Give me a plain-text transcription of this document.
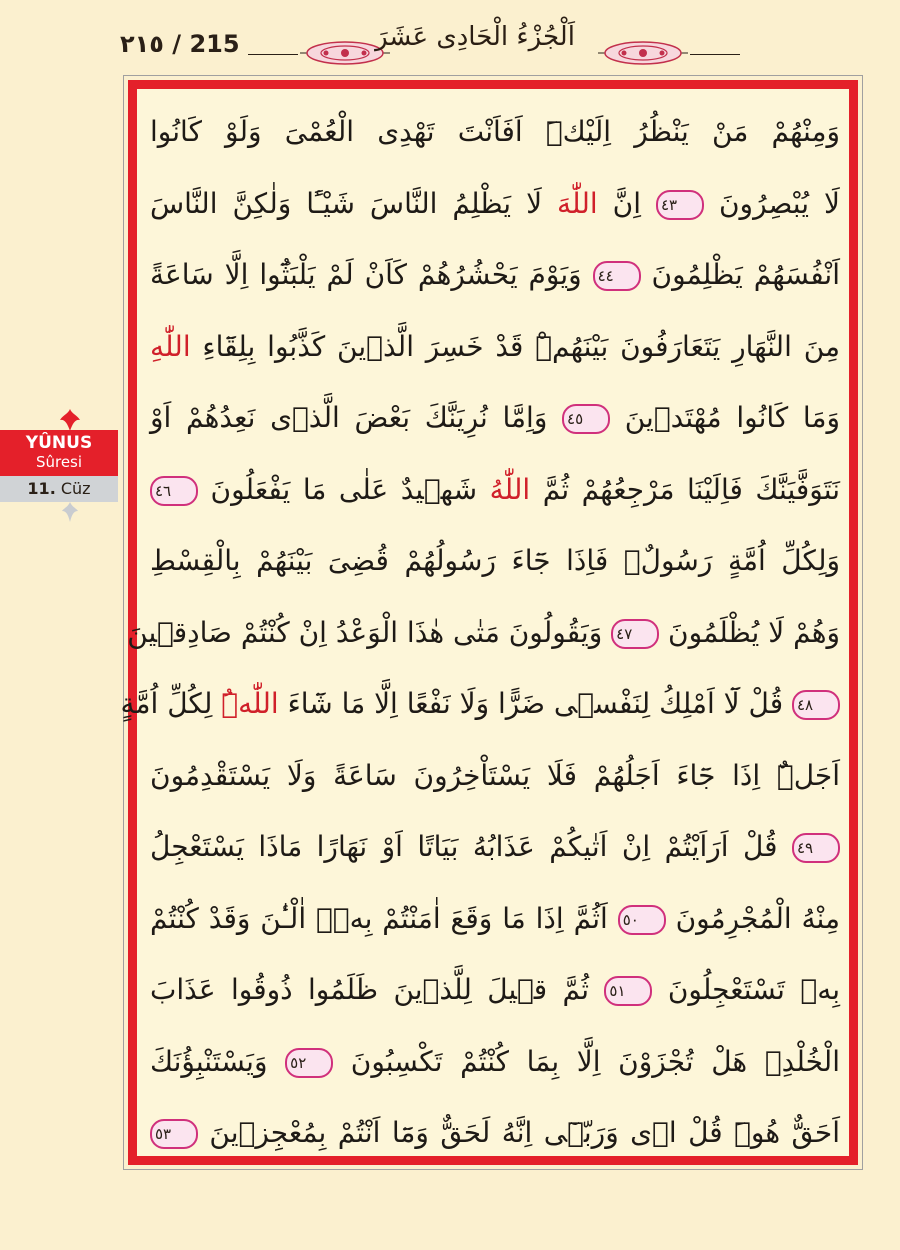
٢١٥ / 215	اَلْجُزْءُ الْحَادِى عَشَرَ
YÛNUS
Sûresi
11. Cüz
وَمِنْهُمْ مَنْ يَنْظُرُ اِلَيْكَۜ اَفَاَنْتَ تَهْدِى الْعُمْىَ وَلَوْ كَانُوا
لَا يُبْصِرُونَ ٤٣ اِنَّ اللّٰهَ لَا يَظْلِمُ النَّاسَ شَيْـًٔا وَلٰكِنَّ النَّاسَ
اَنْفُسَهُمْ يَظْلِمُونَ ٤٤ وَيَوْمَ يَحْشُرُهُمْ كَاَنْ لَمْ يَلْبَثُٓوا اِلَّا سَاعَةً
مِنَ النَّهَارِ يَتَعَارَفُونَ بَيْنَهُمْۜ قَدْ خَسِرَ الَّذٖينَ كَذَّبُوا بِلِقَٓاءِ اللّٰهِ
وَمَا كَانُوا مُهْتَدٖينَ ٤٥ وَاِمَّا نُرِيَنَّكَ بَعْضَ الَّذٖى نَعِدُهُمْ اَوْ
نَتَوَفَّيَنَّكَ فَاِلَيْنَا مَرْجِعُهُمْ ثُمَّ اللّٰهُ شَهٖيدٌ عَلٰى مَا يَفْعَلُونَ ٤٦
وَلِكُلِّ اُمَّةٍ رَسُولٌۚ فَاِذَا جَٓاءَ رَسُولُهُمْ قُضِىَ بَيْنَهُمْ بِالْقِسْطِ
وَهُمْ لَا يُظْلَمُونَ ٤٧ وَيَقُولُونَ مَتٰى هٰذَا الْوَعْدُ اِنْ كُنْتُمْ صَادِقٖينَ
٤٨ قُلْ لَٓا اَمْلِكُ لِنَفْسٖى ضَرًّا وَلَا نَفْعًا اِلَّا مَا شَٓاءَ اللّٰهُۜ لِكُلِّ اُمَّةٍ
اَجَلٌۜ اِذَا جَٓاءَ اَجَلُهُمْ فَلَا يَسْتَاْخِرُونَ سَاعَةً وَلَا يَسْتَقْدِمُونَ
٤٩ قُلْ اَرَاَيْتُمْ اِنْ اَتٰيكُمْ عَذَابُهُ بَيَاتًا اَوْ نَهَارًا مَاذَا يَسْتَعْجِلُ
مِنْهُ الْمُجْرِمُونَ ٥٠ اَثُمَّ اِذَا مَا وَقَعَ اٰمَنْتُمْ بِهٖۜ اٰلْـٰٔنَ وَقَدْ كُنْتُمْ
بِهٖ تَسْتَعْجِلُونَ ٥١ ثُمَّ قٖيلَ لِلَّذٖينَ ظَلَمُوا ذُوقُوا عَذَابَ
الْخُلْدِۚ هَلْ تُجْزَوْنَ اِلَّا بِمَا كُنْتُمْ تَكْسِبُونَ ٥٢ وَيَسْتَنْبِؤُنَكَ
اَحَقٌّ هُوَۜ قُلْ اٖى وَرَبّٖٓى اِنَّهُ لَحَقٌّ وَمَٓا اَنْتُمْ بِمُعْجِزٖينَ ٥٣
